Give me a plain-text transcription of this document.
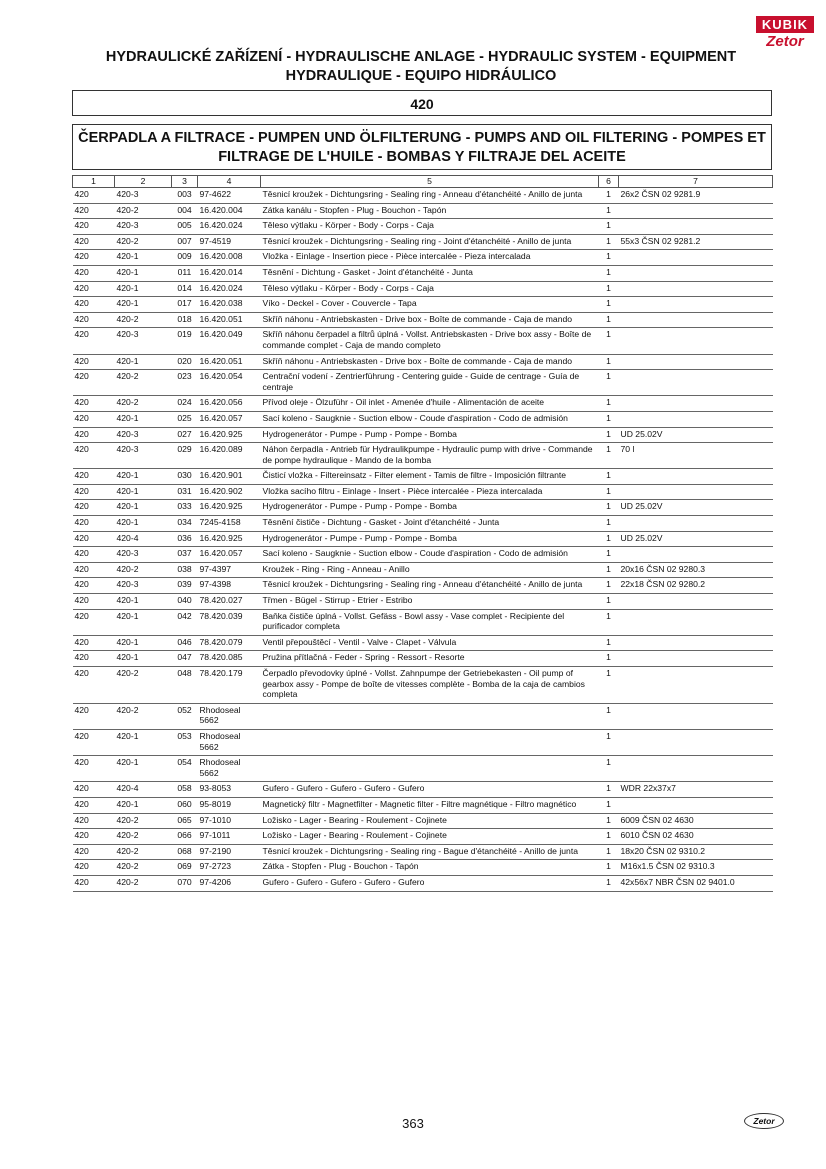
KUBIK
Zetor
HYDRAULICKÉ ZAŘÍZENÍ - HYDRAULISCHE ANLAGE - HYDRAULIC SYSTEM - EQUIPMENT
HYDRAULIQUE - EQUIPO HIDRÁULICO
420
ČERPADLA A FILTRACE - PUMPEN UND ÖLFILTERUNG - PUMPS AND OIL FILTERING - POMPES ET
FILTRAGE DE L'HUILE - BOMBAS Y FILTRAJE DEL ACEITE
1	2	3	4	5	6	7
420	420-3	003	97-4622	Těsnicí kroužek - Dichtungsring - Sealing ring - Anneau d'étanchéité - Anillo de junta	1	26x2 ČSN 02 9281.9
420	420-2	004	16.420.004	Zátka kanálu - Stopfen - Plug - Bouchon - Tapón	1	
420	420-3	005	16.420.024	Těleso výtlaku - Körper - Body - Corps - Caja	1	
420	420-2	007	97-4519	Těsnicí kroužek - Dichtungsring - Sealing ring - Joint d'étanchéité - Anillo de junta	1	55x3 ČSN 02 9281.2
420	420-1	009	16.420.008	Vložka - Einlage - Insertion piece - Pièce intercalée - Pieza intercalada	1	
420	420-1	011	16.420.014	Těsnění - Dichtung - Gasket - Joint d'étanchéité - Junta	1	
420	420-1	014	16.420.024	Těleso výtlaku - Körper - Body - Corps - Caja	1	
420	420-1	017	16.420.038	Víko - Deckel - Cover - Couvercle - Tapa	1	
420	420-2	018	16.420.051	Skříň náhonu - Antriebskasten - Drive box - Boîte de commande - Caja de mando	1	
420	420-3	019	16.420.049	Skříň náhonu čerpadel a filtrů úplná - Vollst. Antriebskasten - Drive box assy - Boîte de commande complet - Caja de mando completo	1	
420	420-1	020	16.420.051	Skříň náhonu - Antriebskasten - Drive box - Boîte de commande - Caja de mando	1	
420	420-2	023	16.420.054	Centrační vodení - Zentrierführung - Centering guide - Guide de centrage - Guía de centraje	1	
420	420-2	024	16.420.056	Přívod oleje - Ölzuführ - Oil inlet - Amenée d'huile - Alimentación de aceite	1	
420	420-1	025	16.420.057	Sací koleno - Saugknie - Suction elbow - Coude d'aspiration - Codo de admisión	1	
420	420-3	027	16.420.925	Hydrogenerátor - Pumpe - Pump - Pompe - Bomba	1	UD 25.02V
420	420-3	029	16.420.089	Náhon čerpadla - Antrieb für Hydraulikpumpe - Hydraulic pump with drive - Commande de pompe hydraulique - Mando de la bomba	1	70 l
420	420-1	030	16.420.901	Čisticí vložka - Filtereinsatz - Filter element - Tamis de filtre - Imposición filtrante	1	
420	420-1	031	16.420.902	Vložka sacího filtru - Einlage - Insert - Pièce intercalée - Pieza intercalada	1	
420	420-1	033	16.420.925	Hydrogenerátor - Pumpe - Pump - Pompe - Bomba	1	UD 25.02V
420	420-1	034	7245-4158	Těsnění čističe - Dichtung - Gasket - Joint d'étanchéité - Junta	1	
420	420-4	036	16.420.925	Hydrogenerátor - Pumpe - Pump - Pompe - Bomba	1	UD 25.02V
420	420-3	037	16.420.057	Sací koleno - Saugknie - Suction elbow - Coude d'aspiration - Codo de admisión	1	
420	420-2	038	97-4397	Kroužek - Ring - Ring - Anneau - Anillo	1	20x16 ČSN 02 9280.3
420	420-3	039	97-4398	Těsnicí kroužek - Dichtungsring - Sealing ring - Anneau d'étanchéité - Anillo de junta	1	22x18 ČSN 02 9280.2
420	420-1	040	78.420.027	Třmen - Bügel - Stirrup - Etrier - Estribo	1	
420	420-1	042	78.420.039	Baňka čističe úplná - Vollst. Gefäss - Bowl assy - Vase complet - Recipiente del purificador completa	1	
420	420-1	046	78.420.079	Ventil přepouštěcí - Ventil - Valve - Clapet - Válvula	1	
420	420-1	047	78.420.085	Pružina přítlačná - Feder - Spring - Ressort - Resorte	1	
420	420-2	048	78.420.179	Čerpadlo převodovky úplné - Vollst. Zahnpumpe der Getriebekasten - Oil pump of gearbox assy - Pompe de boîte de vitesses complète - Bomba de la caja de cambios completa	1	
420	420-2	052	Rhodoseal 5662		1	
420	420-1	053	Rhodoseal 5662		1	
420	420-1	054	Rhodoseal 5662		1	
420	420-4	058	93-8053	Gufero - Gufero - Gufero - Gufero - Gufero	1	WDR 22x37x7
420	420-1	060	95-8019	Magnetický filtr - Magnetfilter - Magnetic filter - Filtre magnétique - Filtro magnético	1	
420	420-2	065	97-1010	Ložisko - Lager - Bearing - Roulement - Cojinete	1	6009 ČSN 02 4630
420	420-2	066	97-1011	Ložisko - Lager - Bearing - Roulement - Cojinete	1	6010 ČSN 02 4630
420	420-2	068	97-2190	Těsnicí kroužek - Dichtungsring - Sealing ring - Bague d'étanchéité - Anillo de junta	1	18x20 ČSN 02 9310.2
420	420-2	069	97-2723	Zátka - Stopfen - Plug - Bouchon - Tapón	1	M16x1.5 ČSN 02 9310.3
420	420-2	070	97-4206	Gufero - Gufero - Gufero - Gufero - Gufero	1	42x56x7 NBR ČSN 02 9401.0
363	Zetor
